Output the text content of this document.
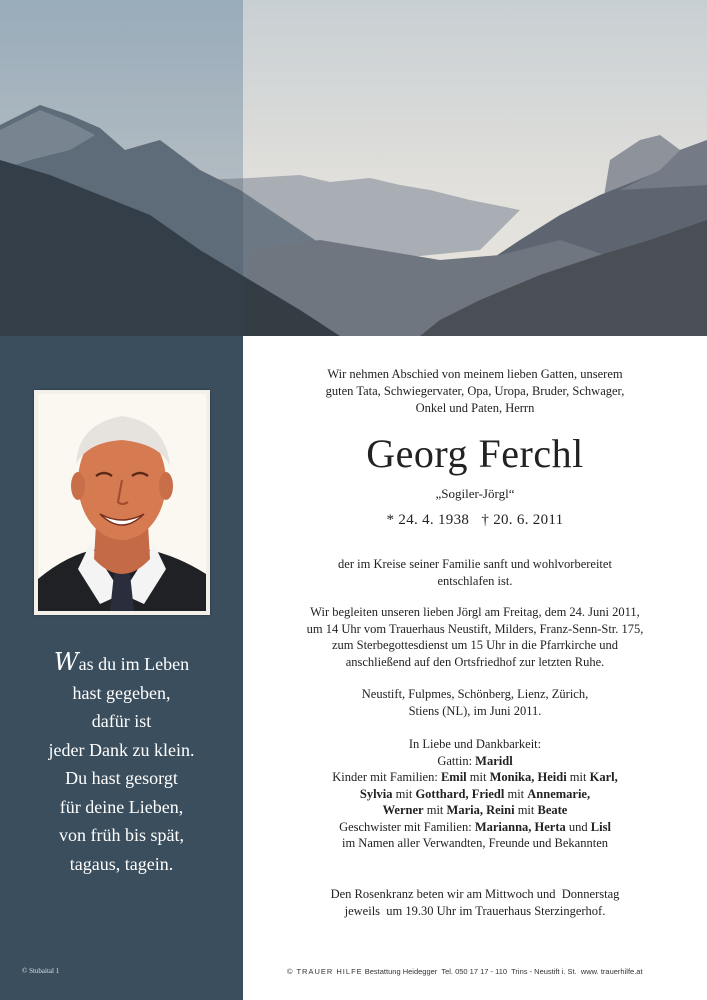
Was du im Leben
hast gegeben,
dafür ist
jeder Dank zu klein.
Du hast gesorgt
für deine Lieben,
von früh bis spät,
tagaus, tagein.
© Stubaital 1
Wir nehmen Abschied von meinem lieben Gatten, unserem
guten Tata, Schwiegervater, Opa, Uropa, Bruder, Schwager,
Onkel und Paten, Herrn
Georg Ferchl
„Sogiler-Jörgl“
* 24. 4. 1938   † 20. 6. 2011
der im Kreise seiner Familie sanft und wohlvorbereitet
entschlafen ist.
Wir begleiten unseren lieben Jörgl am Freitag, dem 24. Juni 2011,
um 14 Uhr vom Trauerhaus Neustift, Milders, Franz-Senn-Str. 175,
zum Sterbegottesdienst um 15 Uhr in die Pfarrkirche und
anschließend auf den Ortsfriedhof zur letzten Ruhe.
Neustift, Fulpmes, Schönberg, Lienz, Zürich,
Stiens (NL), im Juni 2011.
In Liebe und Dankbarkeit:
Gattin: Maridl
Kinder mit Familien: Emil mit Monika, Heidi mit Karl,
Sylvia mit Gotthard, Friedl mit Annemarie,
Werner mit Maria, Reini mit Beate
Geschwister mit Familien: Marianna, Herta und Lisl
im Namen aller Verwandten, Freunde und Bekannten
Den Rosenkranz beten wir am Mittwoch und  Donnerstag
jeweils  um 19.30 Uhr im Trauerhaus Sterzingerhof.
© TRAUER HILFE Bestattung Heidegger  Tel. 050 17 17 - 110  Trins - Neustift i. St.  www. trauerhilfe.at
